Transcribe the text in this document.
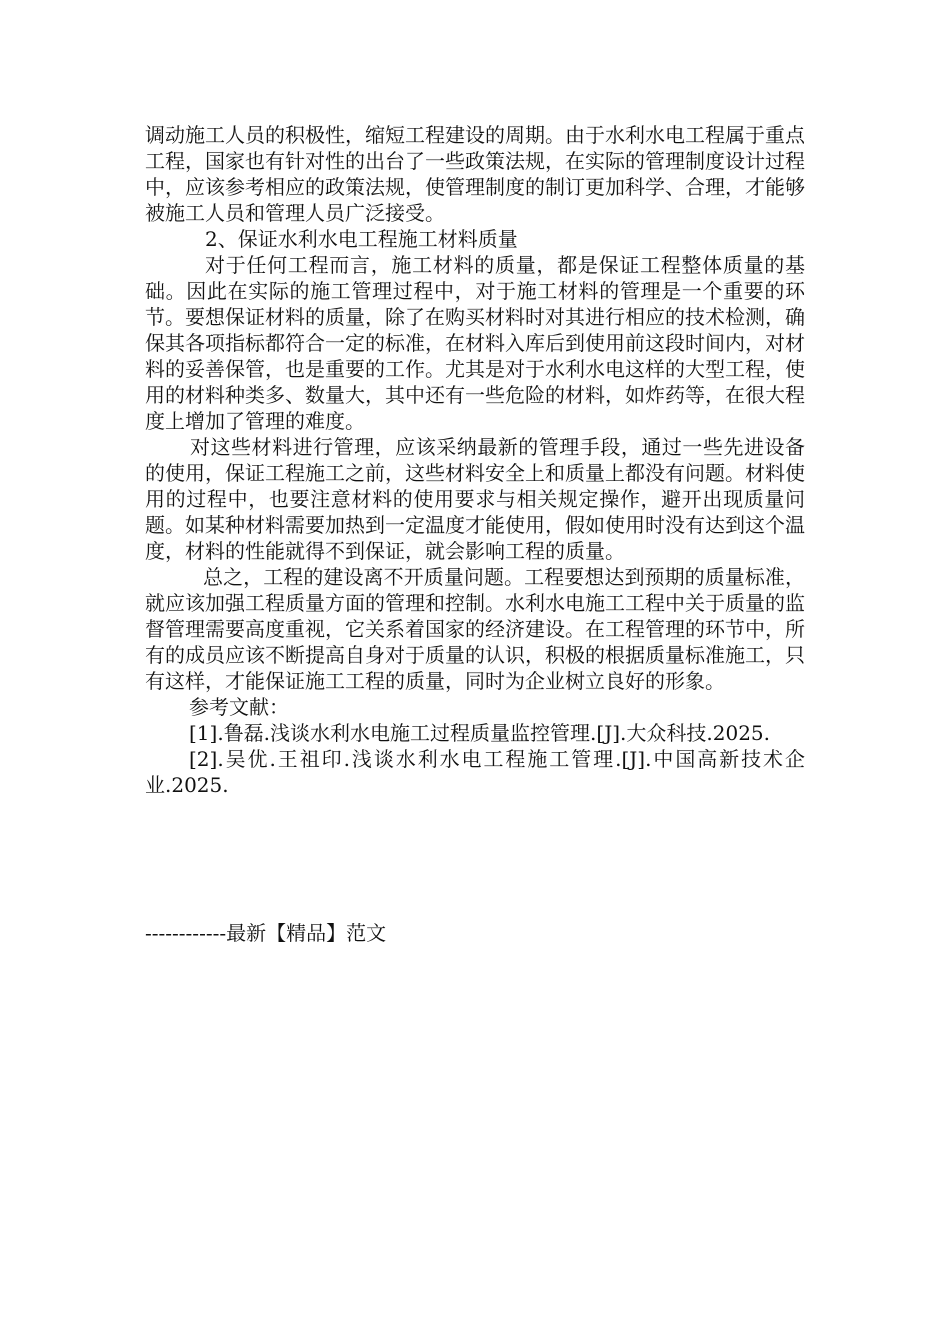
调动施工人员的积极性，缩短工程建设的周期。由于水利水电工程属于重点工程，国家也有针对性的出台了一些政策法规，在实际的管理制度设计过程中，应该参考相应的政策法规，使管理制度的制订更加科学、合理，才能够被施工人员和管理人员广泛接受。

2、保证水利水电工程施工材料质量

对于任何工程而言，施工材料的质量，都是保证工程整体质量的基础。因此在实际的施工管理过程中，对于施工材料的管理是一个重要的环节。要想保证材料的质量，除了在购买材料时对其进行相应的技术检测，确保其各项指标都符合一定的标准，在材料入库后到使用前这段时间内，对材料的妥善保管，也是重要的工作。尤其是对于水利水电这样的大型工程，使用的材料种类多、数量大，其中还有一些危险的材料，如炸药等，在很大程度上增加了管理的难度。

对这些材料进行管理，应该采纳最新的管理手段，通过一些先进设备的使用，保证工程施工之前，这些材料安全上和质量上都没有问题。材料使用的过程中，也要注意材料的使用要求与相关规定操作，避开出现质量问题。如某种材料需要加热到一定温度才能使用，假如使用时没有达到这个温度，材料的性能就得不到保证，就会影响工程的质量。

总之，工程的建设离不开质量问题。工程要想达到预期的质量标准，就应该加强工程质量方面的管理和控制。水利水电施工工程中关于质量的监督管理需要高度重视，它关系着国家的经济建设。在工程管理的环节中，所有的成员应该不断提高自身对于质量的认识，积极的根据质量标准施工，只有这样，才能保证施工工程的质量，同时为企业树立良好的形象。

参考文献：

[1].鲁磊.浅谈水利水电施工过程质量监控管理.[J].大众科技.2025.

[2].吴优.王祖印.浅谈水利水电工程施工管理.[J].中国高新技术企业.2025.

------------最新【精品】范文
